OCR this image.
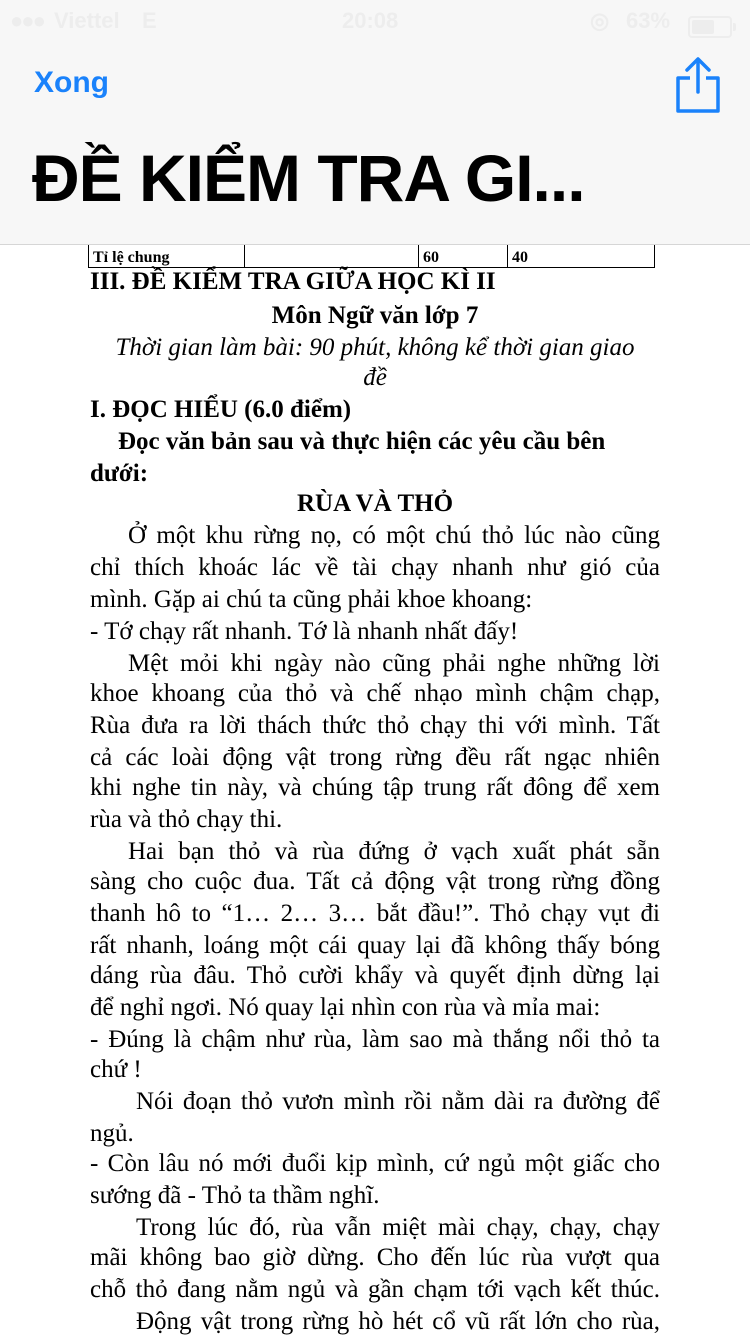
Tỉ lệ chung		60	40
III. ĐỀ KIỂM TRA GIỮA HỌC KÌ II
Môn Ngữ văn lớp 7
Thời gian làm bài: 90 phút, không kể thời gian giao
đề
I. ĐỌC HIỂU (6.0 điểm)
Đọc văn bản sau và thực hiện các yêu cầu bên
dưới:
RÙA VÀ THỎ
Ở một khu rừng nọ, có một chú thỏ lúc nào cũng
chỉ thích khoác lác về tài chạy nhanh như gió của
mình. Gặp ai chú ta cũng phải khoe khoang:
- Tớ chạy rất nhanh. Tớ là nhanh nhất đấy!
Mệt mỏi khi ngày nào cũng phải nghe những lời
khoe khoang của thỏ và chế nhạo mình chậm chạp,
Rùa đưa ra lời thách thức thỏ chạy thi với mình. Tất
cả các loài động vật trong rừng đều rất ngạc nhiên
khi nghe tin này, và chúng tập trung rất đông để xem
rùa và thỏ chạy thi.
Hai bạn thỏ và rùa đứng ở vạch xuất phát sẵn
sàng cho cuộc đua. Tất cả động vật trong rừng đồng
thanh hô to “1… 2… 3… bắt đầu!”. Thỏ chạy vụt đi
rất nhanh, loáng một cái quay lại đã không thấy bóng
dáng rùa đâu. Thỏ cười khẩy và quyết định dừng lại
để nghỉ ngơi. Nó quay lại nhìn con rùa và mỉa mai:
- Đúng là chậm như rùa, làm sao mà thắng nổi thỏ ta
chứ !
Nói đoạn thỏ vươn mình rồi nằm dài ra đường để
ngủ.
- Còn lâu nó mới đuổi kịp mình, cứ ngủ một giấc cho
sướng đã - Thỏ ta thầm nghĩ.
Trong lúc đó, rùa vẫn miệt mài chạy, chạy, chạy
mãi không bao giờ dừng. Cho đến lúc rùa vượt qua
chỗ thỏ đang nằm ngủ và gần chạm tới vạch kết thúc.
Động vật trong rừng hò hét cổ vũ rất lớn cho rùa,
●●● Viettel E	20:08	◎ 63%
Xong
ĐỀ KIỂM TRA GI...
